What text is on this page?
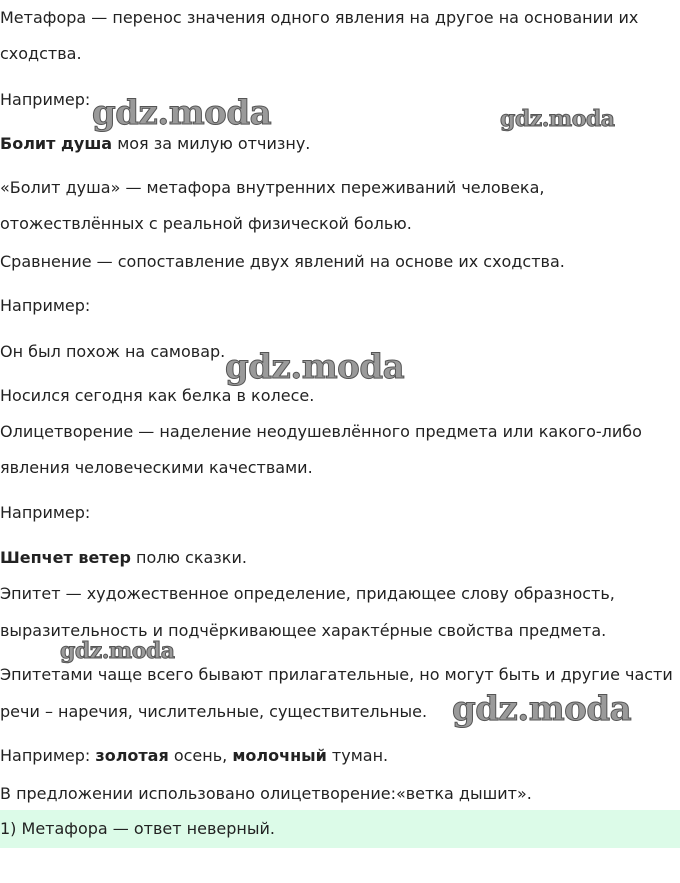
Метафора — перенос значения одного явления на другое на основании их
сходства.
Например:
Болит душа моя за милую отчизну.
«Болит душа» — метафора внутренних переживаний человека,
отожествлённых с реальной физической болью.
Сравнение — сопоставление двух явлений на основе их сходства.
Например:
Он был похож на самовар.
Носился сегодня как белка в колесе.
Олицетворение — наделение неодушевлённого предмета или какого-либо
явления человеческими качествами.
Например:
Шепчет ветер полю сказки.
Эпитет — художественное определение, придающее слову образность,
выразительность и подчёркивающее характéрные свойства предмета.
Эпитетами чаще всего бывают прилагательные, но могут быть и другие части
речи – наречия, числительные, существительные.
Например: золотая осень, молочный туман.
В предложении использовано олицетворение:«ветка дышит».
1) Метафора — ответ неверный.
gdz.moda	gdz.moda
gdz.moda
gdz.moda
gdz.moda
